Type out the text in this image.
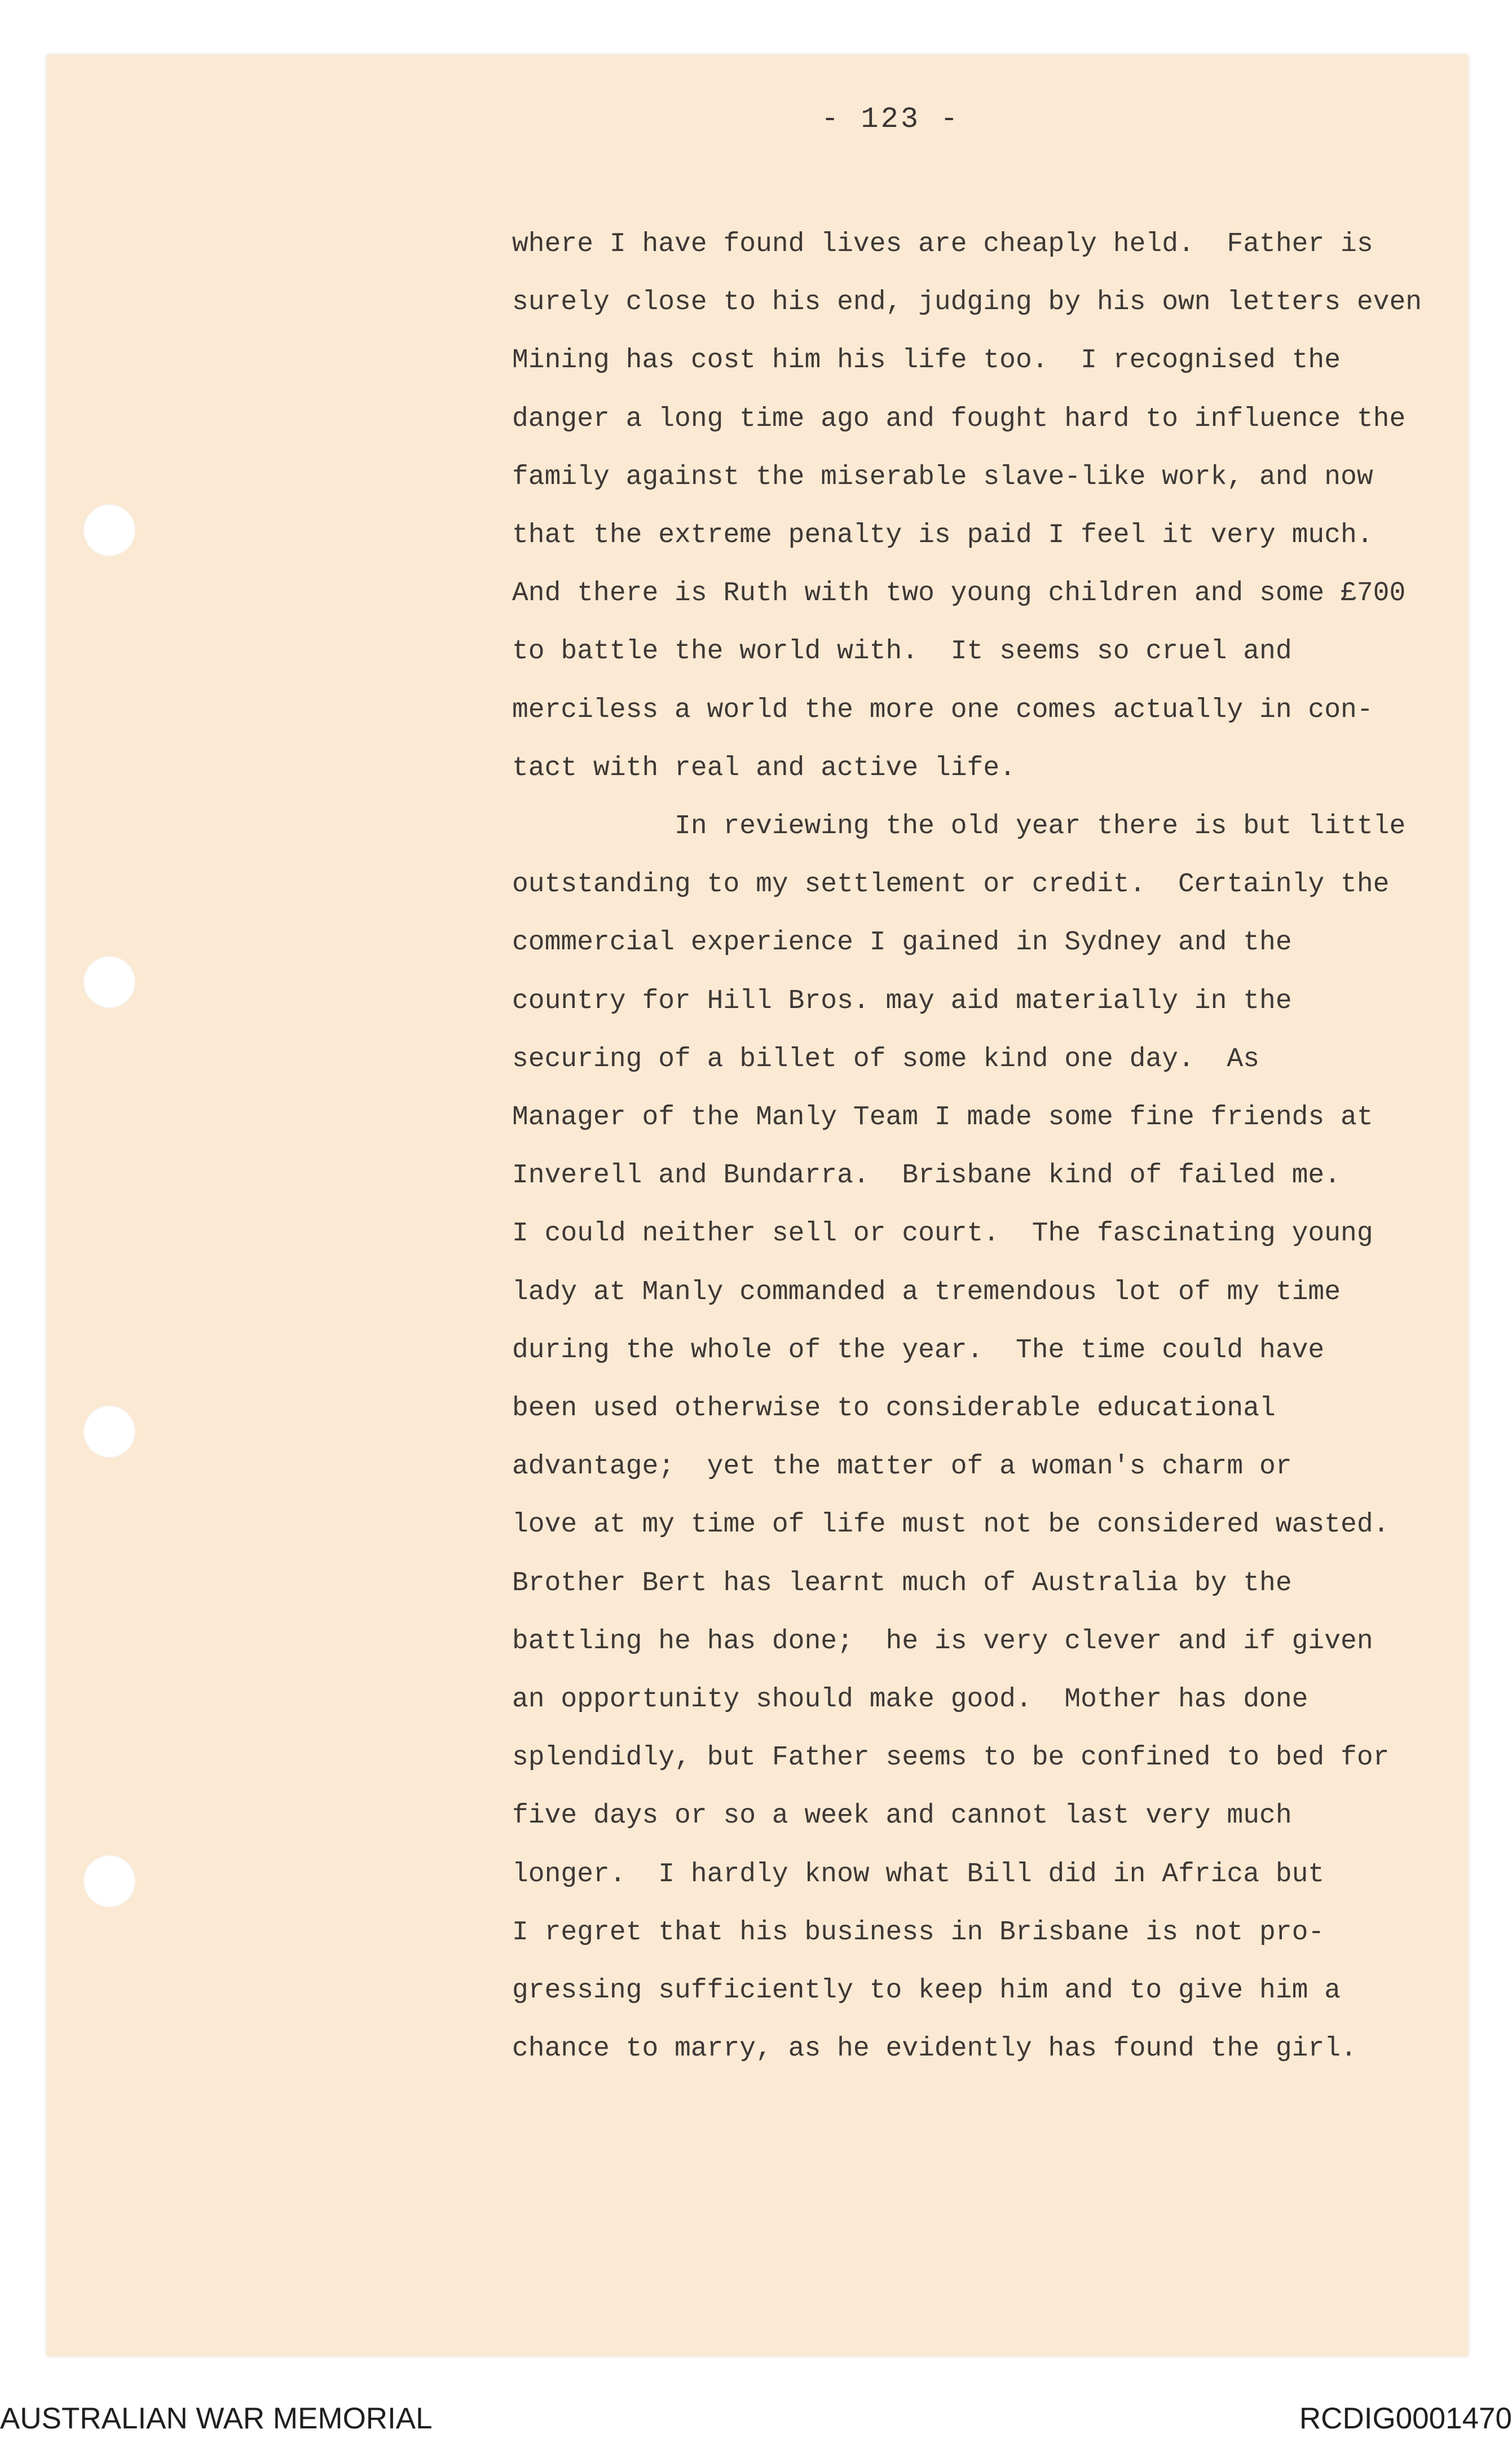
- 123 -
where I have found lives are cheaply held.  Father is
surely close to his end, judging by his own letters even
Mining has cost him his life too.  I recognised the
danger a long time ago and fought hard to influence the
family against the miserable slave-like work, and now
that the extreme penalty is paid I feel it very much.
And there is Ruth with two young children and some £700
to battle the world with.  It seems so cruel and
merciless a world the more one comes actually in con-
tact with real and active life.
In reviewing the old year there is but little
outstanding to my settlement or credit.  Certainly the
commercial experience I gained in Sydney and the
country for Hill Bros. may aid materially in the
securing of a billet of some kind one day.  As
Manager of the Manly Team I made some fine friends at
Inverell and Bundarra.  Brisbane kind of failed me.
I could neither sell or court.  The fascinating young
lady at Manly commanded a tremendous lot of my time
during the whole of the year.  The time could have
been used otherwise to considerable educational
advantage;  yet the matter of a woman's charm or
love at my time of life must not be considered wasted.
Brother Bert has learnt much of Australia by the
battling he has done;  he is very clever and if given
an opportunity should make good.  Mother has done
splendidly, but Father seems to be confined to bed for
five days or so a week and cannot last very much
longer.  I hardly know what Bill did in Africa but
I regret that his business in Brisbane is not pro-
gressing sufficiently to keep him and to give him a
chance to marry, as he evidently has found the girl.
AUSTRALIAN WAR MEMORIAL	RCDIG0001470
